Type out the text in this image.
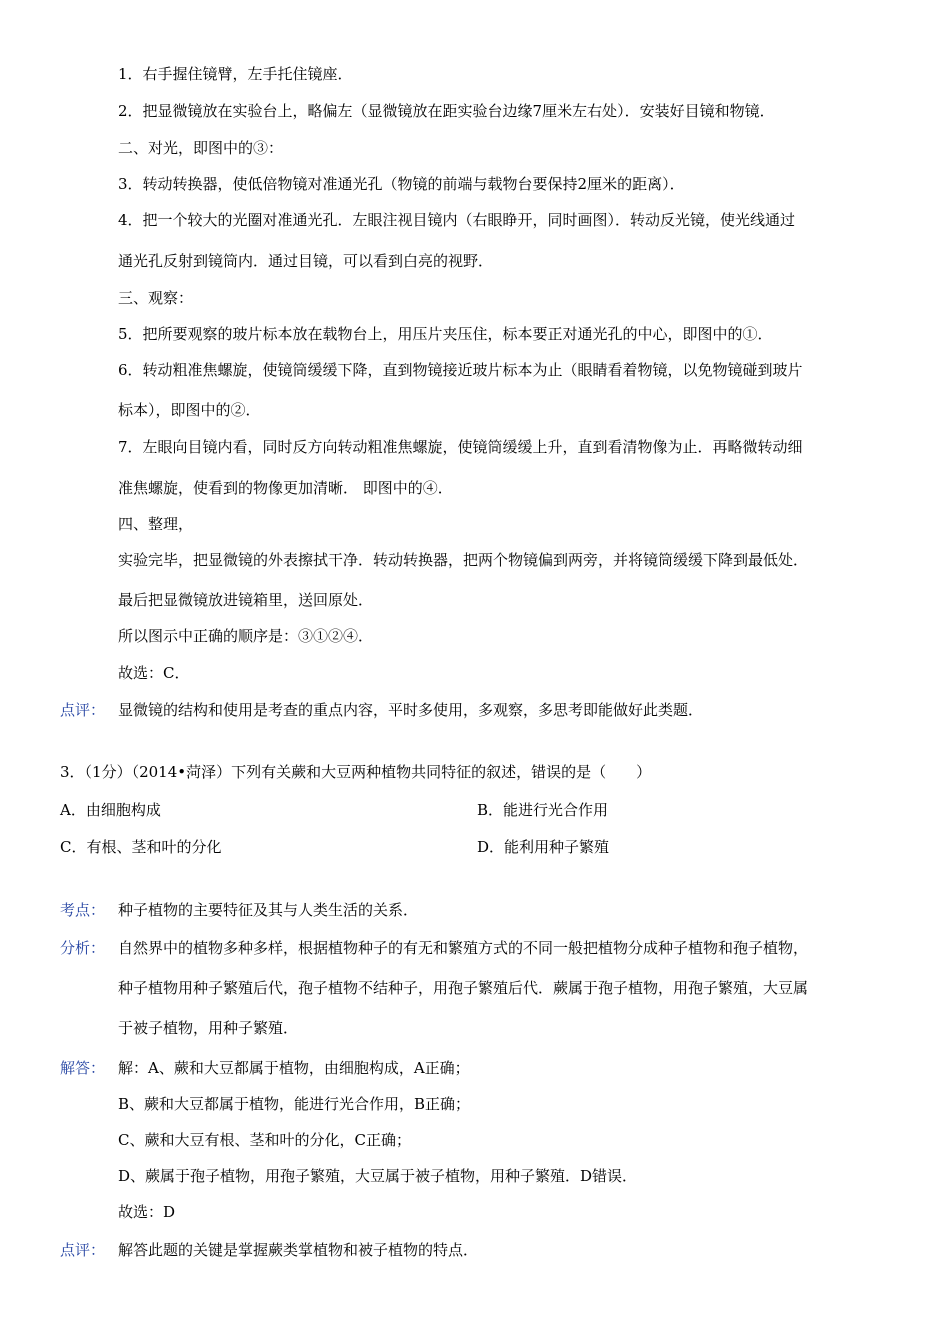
1．右手握住镜臂，左手托住镜座．
2．把显微镜放在实验台上，略偏左（显微镜放在距实验台边缘7厘米左右处）．安装好目镜和物镜．
二、对光，即图中的③：
3．转动转换器，使低倍物镜对准通光孔（物镜的前端与载物台要保持2厘米的距离）．
4．把一个较大的光圈对准通光孔．左眼注视目镜内（右眼睁开，同时画图）．转动反光镜，使光线通过
通光孔反射到镜筒内．通过目镜，可以看到白亮的视野．
三、观察：
5．把所要观察的玻片标本放在载物台上，用压片夹压住，标本要正对通光孔的中心，即图中的①．
6．转动粗准焦螺旋，使镜筒缓缓下降，直到物镜接近玻片标本为止（眼睛看着物镜，以免物镜碰到玻片
标本），即图中的②．
7．左眼向目镜内看，同时反方向转动粗准焦螺旋，使镜筒缓缓上升，直到看清物像为止．再略微转动细
准焦螺旋，使看到的物像更加清晰． 即图中的④．
四、整理，
实验完毕，把显微镜的外表擦拭干净．转动转换器，把两个物镜偏到两旁，并将镜筒缓缓下降到最低处．
最后把显微镜放进镜箱里，送回原处．
所以图示中正确的顺序是：③①②④．
故选：C．
点评： 显微镜的结构和使用是考查的重点内容，平时多使用，多观察，多思考即能做好此类题．
3．（1分）（2014•菏泽）下列有关蕨和大豆两种植物共同特征的叙述，错误的是（　　）
A．由细胞构成	B．能进行光合作用
C．有根、茎和叶的分化	D．能利用种子繁殖
考点： 种子植物的主要特征及其与人类生活的关系．
分析： 自然界中的植物多种多样，根据植物种子的有无和繁殖方式的不同一般把植物分成种子植物和孢子植物，
种子植物用种子繁殖后代，孢子植物不结种子，用孢子繁殖后代．蕨属于孢子植物，用孢子繁殖，大豆属
于被子植物，用种子繁殖．
解答： 解：A、蕨和大豆都属于植物，由细胞构成，A正确；
B、蕨和大豆都属于植物，能进行光合作用，B正确；
C、蕨和大豆有根、茎和叶的分化，C正确；
D、蕨属于孢子植物，用孢子繁殖，大豆属于被子植物，用种子繁殖．D错误．
故选：D
点评： 解答此题的关键是掌握蕨类掌植物和被子植物的特点．
